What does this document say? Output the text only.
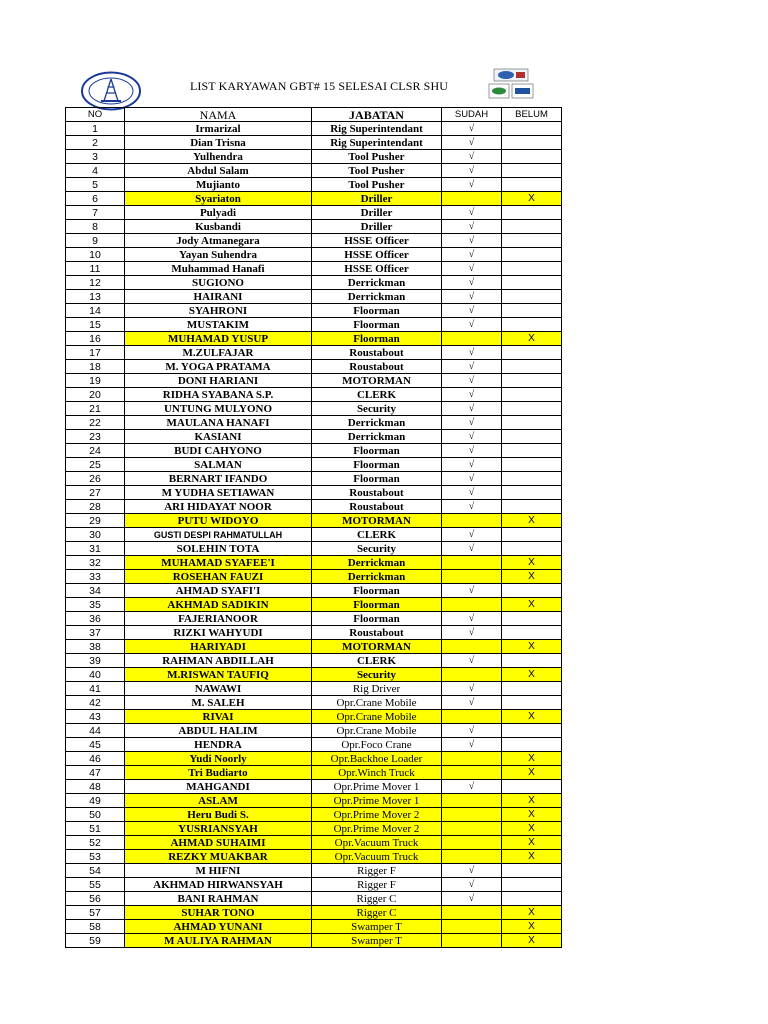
LIST KARYAWAN GBT# 15 SELESAI CLSR SHU
NO	NAMA	JABATAN	SUDAH	BELUM
1	Irmarizal	Rig Superintendant	√	
2	Dian Trisna	Rig Superintendant	√	
3	Yulhendra	Tool Pusher	√	
4	Abdul Salam	Tool Pusher	√	
5	Mujianto	Tool Pusher	√	
6	Syariaton	Driller		X
7	Pulyadi	Driller	√	
8	Kusbandi	Driller	√	
9	Jody Atmanegara	HSSE Officer	√	
10	Yayan Suhendra	HSSE Officer	√	
11	Muhammad Hanafi	HSSE Officer	√	
12	SUGIONO	Derrickman	√	
13	HAIRANI	Derrickman	√	
14	SYAHRONI	Floorman	√	
15	MUSTAKIM	Floorman	√	
16	MUHAMAD YUSUP	Floorman		X
17	M.ZULFAJAR	Roustabout	√	
18	M. YOGA PRATAMA	Roustabout	√	
19	DONI HARIANI	MOTORMAN	√	
20	RIDHA SYABANA S.P.	CLERK	√	
21	UNTUNG MULYONO	Security	√	
22	MAULANA HANAFI	Derrickman	√	
23	KASIANI	Derrickman	√	
24	BUDI CAHYONO	Floorman	√	
25	SALMAN	Floorman	√	
26	BERNART IFANDO	Floorman	√	
27	M YUDHA SETIAWAN	Roustabout	√	
28	ARI HIDAYAT NOOR	Roustabout	√	
29	PUTU WIDOYO	MOTORMAN		X
30	GUSTI DESPI RAHMATULLAH	CLERK	√	
31	SOLEHIN TOTA	Security	√	
32	MUHAMAD SYAFEE'I	Derrickman		X
33	ROSEHAN FAUZI	Derrickman		X
34	AHMAD SYAFI'I	Floorman	√	
35	AKHMAD SADIKIN	Floorman		X
36	FAJERIANOOR	Floorman	√	
37	RIZKI WAHYUDI	Roustabout	√	
38	HARIYADI	MOTORMAN		X
39	RAHMAN ABDILLAH	CLERK	√	
40	M.RISWAN TAUFIQ	Security		X
41	NAWAWI	Rig Driver	√	
42	M. SALEH	Opr.Crane Mobile	√	
43	RIVAI	Opr.Crane Mobile		X
44	ABDUL HALIM	Opr.Crane Mobile	√	
45	HENDRA	Opr.Foco Crane	√	
46	Yudi Noorly	Opr.Backhoe Loader		X
47	Tri Budiarto	Opr.Winch Truck		X
48	MAHGANDI	Opr.Prime Mover 1	√	
49	ASLAM	Opr.Prime Mover 1		X
50	Heru Budi S.	Opr.Prime Mover 2		X
51	YUSRIANSYAH	Opr.Prime Mover 2		X
52	AHMAD SUHAIMI	Opr.Vacuum Truck		X
53	REZKY MUAKBAR	Opr.Vacuum Truck		X
54	M HIFNI	Rigger F	√	
55	AKHMAD HIRWANSYAH	Rigger F	√	
56	BANI RAHMAN	Rigger C	√	
57	SUHAR TONO	Rigger C		X
58	AHMAD YUNANI	Swamper T		X
59	M AULIYA RAHMAN	Swamper T		X
